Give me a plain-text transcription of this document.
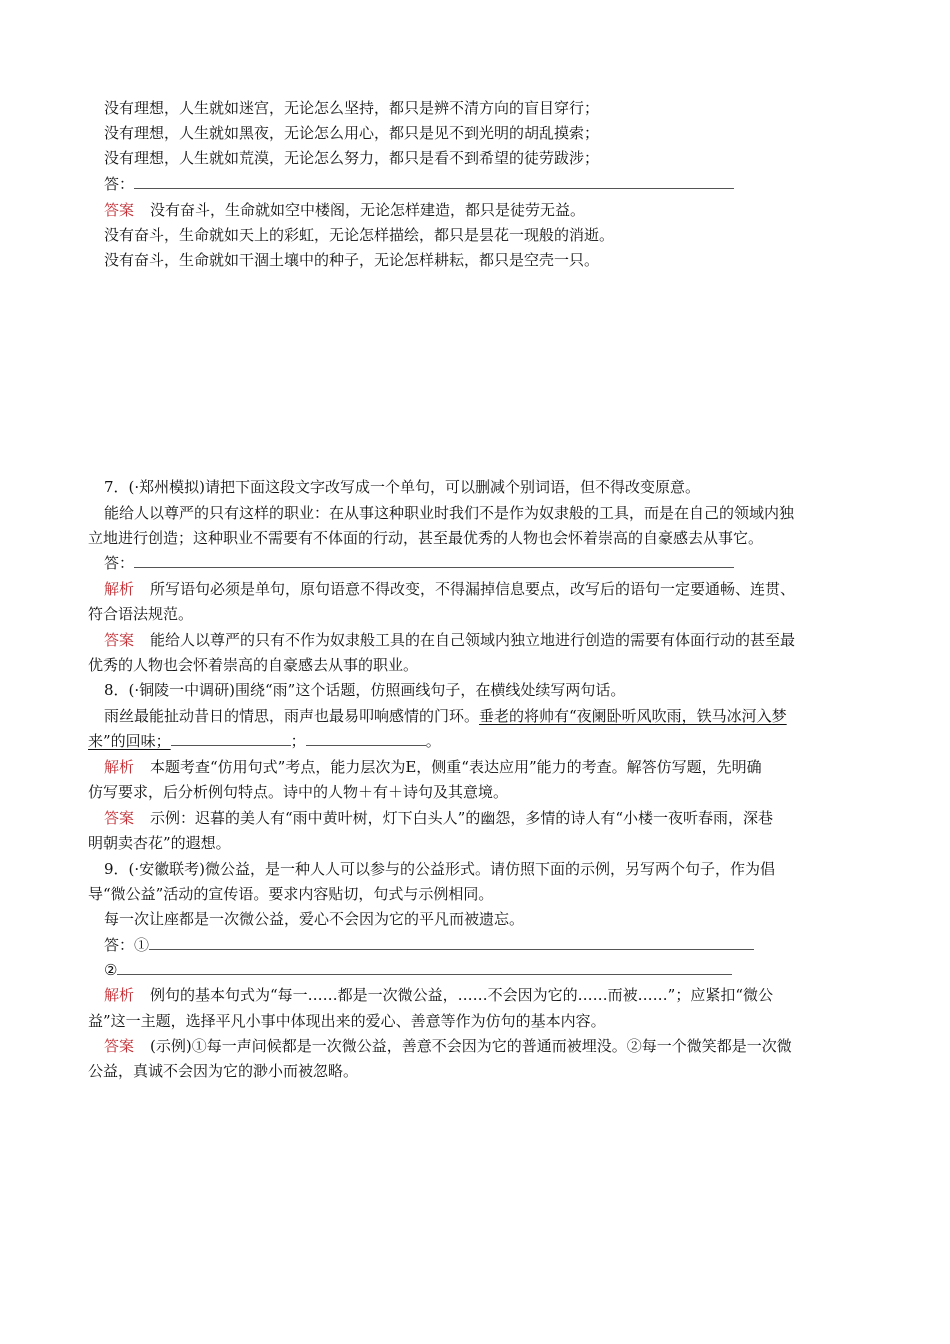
没有理想，人生就如迷宫，无论怎么坚持，都只是辨不清方向的盲目穿行；
没有理想，人生就如黑夜，无论怎么用心，都只是见不到光明的胡乱摸索；
没有理想，人生就如荒漠，无论怎么努力，都只是看不到希望的徒劳跋涉；
答：
答案 没有奋斗，生命就如空中楼阁，无论怎样建造，都只是徒劳无益。
没有奋斗，生命就如天上的彩虹，无论怎样描绘，都只是昙花一现般的消逝。
没有奋斗，生命就如干涸土壤中的种子，无论怎样耕耘，都只是空壳一只。
7．(·郑州模拟)请把下面这段文字改写成一个单句，可以删减个别词语，但不得改变原意。
能给人以尊严的只有这样的职业：在从事这种职业时我们不是作为奴隶般的工具，而是在自己的领域内独
立地进行创造；这种职业不需要有不体面的行动，甚至最优秀的人物也会怀着崇高的自豪感去从事它。
答：
解析 所写语句必须是单句，原句语意不得改变，不得漏掉信息要点，改写后的语句一定要通畅、连贯、
符合语法规范。
答案 能给人以尊严的只有不作为奴隶般工具的在自己领域内独立地进行创造的需要有体面行动的甚至最
优秀的人物也会怀着崇高的自豪感去从事的职业。
8．(·铜陵一中调研)围绕“雨”这个话题，仿照画线句子，在横线处续写两句话。
雨丝最能扯动昔日的情思，雨声也最易叩响感情的门环。垂老的将帅有“夜阑卧听风吹雨，铁马冰河入梦
来”的回味；	；	。
解析 本题考查“仿用句式”考点，能力层次为E，侧重“表达应用”能力的考查。解答仿写题，先明确
仿写要求，后分析例句特点。诗中的人物＋有＋诗句及其意境。
答案 示例：迟暮的美人有“雨中黄叶树，灯下白头人”的幽怨，多情的诗人有“小楼一夜听春雨，深巷
明朝卖杏花”的遐想。
9．(·安徽联考)微公益，是一种人人可以参与的公益形式。请仿照下面的示例，另写两个句子，作为倡
导“微公益”活动的宣传语。要求内容贴切，句式与示例相同。
每一次让座都是一次微公益，爱心不会因为它的平凡而被遗忘。
答：①
②
解析 例句的基本句式为“每一……都是一次微公益，……不会因为它的……而被……”；应紧扣“微公
益”这一主题，选择平凡小事中体现出来的爱心、善意等作为仿句的基本内容。
答案 (示例)①每一声问候都是一次微公益，善意不会因为它的普通而被埋没。②每一个微笑都是一次微
公益，真诚不会因为它的渺小而被忽略。
